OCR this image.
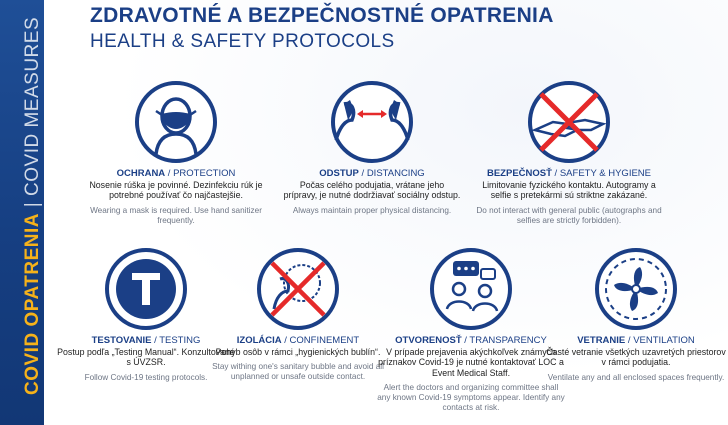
COVID OPATRENIA | COVID MEASURES
ZDRAVOTNÉ A BEZPEČNOSTNÉ OPATRENIA
HEALTH & SAFETY PROTOCOLS
OCHRANA / PROTECTION
Nosenie rúška je povinné. Dezinfekciu rúk je potrebné používať čo najčastejšie.
Wearing a mask is required. Use hand sanitizer frequently.
ODSTUP / DISTANCING
Počas celého podujatia, vrátane jeho prípravy, je nutné dodržiavať sociálny odstup.
Always maintain proper physical distancing.
BEZPEČNOSŤ / SAFETY & HYGIENE
Limitovanie fyzického kontaktu. Autogramy a selfie s pretekármi sú striktne zakázané.
Do not interact with general public (autographs and selfies are strictly forbidden).
TESTOVANIE / TESTING
Postup podľa „Testing Manual“. Konzultované s ÚVZSR.
Follow Covid-19 testing protocols.
IZOLÁCIA / CONFINEMENT
Pohyb osôb v rámci „hygienických bublín“.
Stay withing one's sanitary bubble and avoid all unplanned or unsafe outside contact.
OTVORENOSŤ / TRANSPARENCY
V prípade prejavenia akýchkoľvek známych príznakov Covid-19 je nutné kontaktovať LOC a Event Medical Staff.
Alert the doctors and organizing committee shall any known Covid-19 symptoms appear. Identify any contacts at risk.
VETRANIE / VENTILATION
Časté vetranie všetkých uzavretých priestorov v rámci podujatia.
Ventilate any and all enclosed spaces frequently.
